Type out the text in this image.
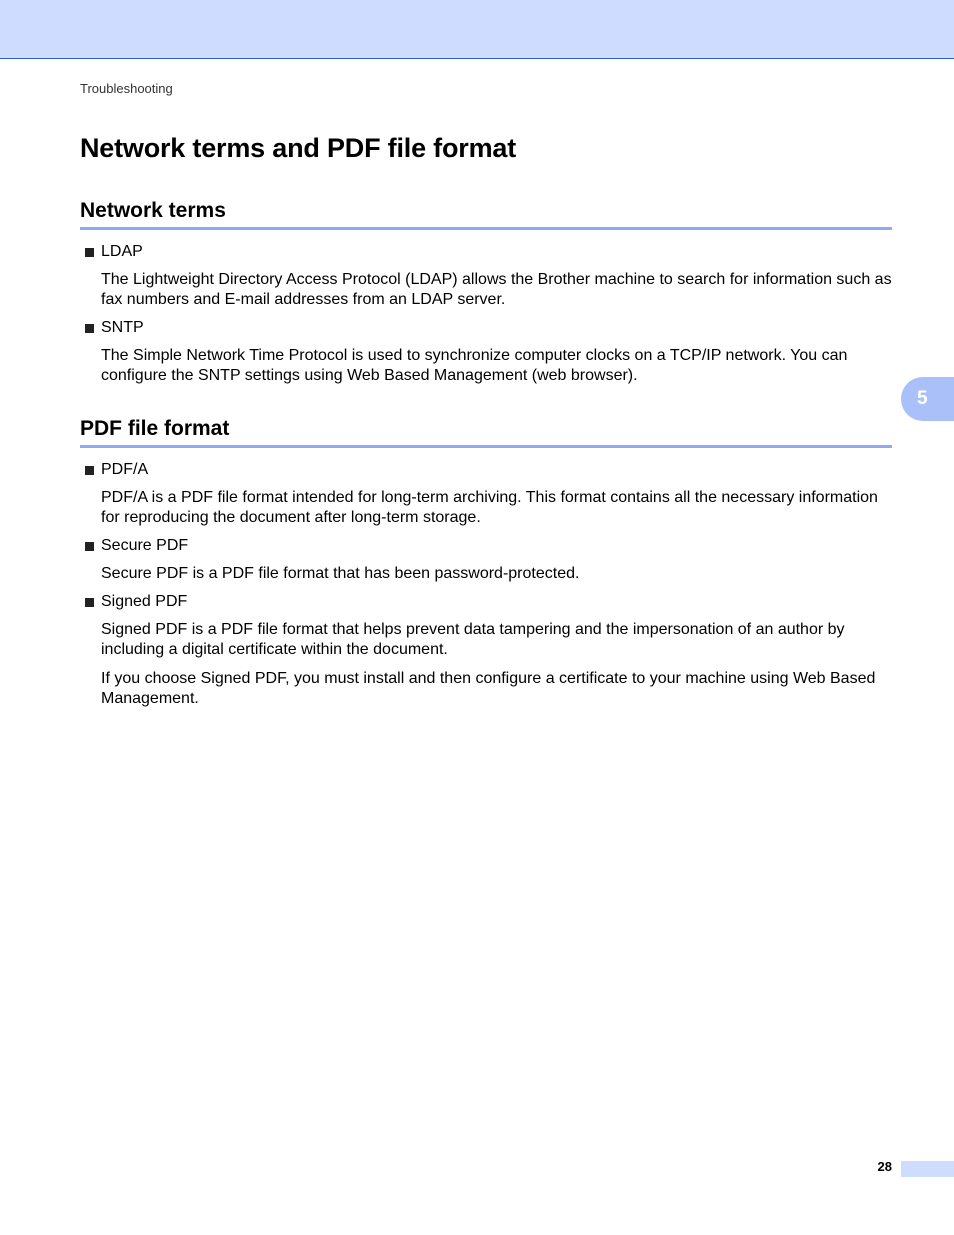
Troubleshooting
Network terms and PDF file format
Network terms
LDAP

The Lightweight Directory Access Protocol (LDAP) allows the Brother machine to search for information such as fax numbers and E-mail addresses from an LDAP server.

SNTP

The Simple Network Time Protocol is used to synchronize computer clocks on a TCP/IP network. You can configure the SNTP settings using Web Based Management (web browser).

PDF file format
PDF/A

PDF/A is a PDF file format intended for long-term archiving. This format contains all the necessary information for reproducing the document after long-term storage.

Secure PDF

Secure PDF is a PDF file format that has been password-protected.

Signed PDF

Signed PDF is a PDF file format that helps prevent data tampering and the impersonation of an author by including a digital certificate within the document.

If you choose Signed PDF, you must install and then configure a certificate to your machine using Web Based Management.

5
28
